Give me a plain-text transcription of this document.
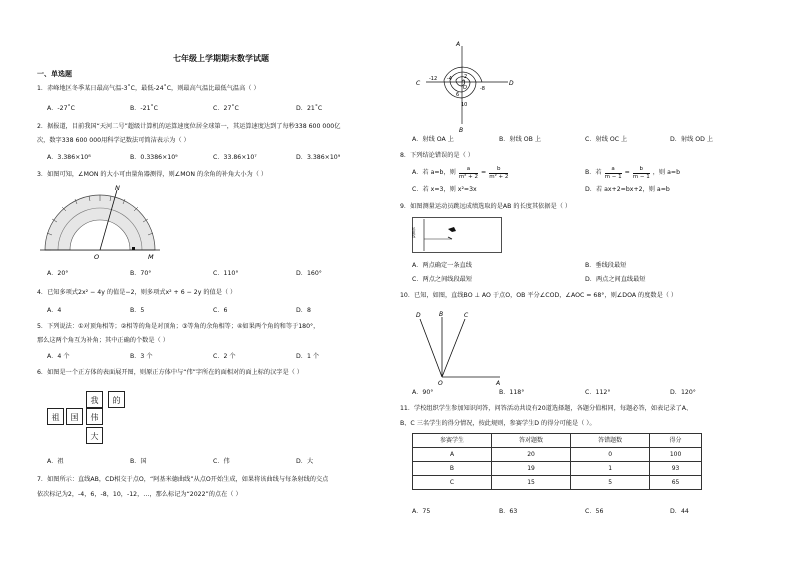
七年级上学期期末数学试题
一、单选题
1．赤峰地区冬季某日最高气温-3˚C，最低-24˚C，则最高气温比最低气温高（ ）
A．-27˚C	B．-21˚C	C．27˚C	D．21˚C
2．据报道，目前我国“天河二号”超级计算机的运算速度位居全球第一，其运算速度达到了每秒338 600 000亿
次，数字338 600 000用科学记数法可简洁表示为（ ）
A．3.386×10⁸	B．0.3386×10⁹	C．33.86×10⁷	D．3.386×10⁹
3．如图可知，∠MON 的大小可由量角器测得，则∠MON 的余角的补角大小为（ ）
N
O	M
A．20°	B．70°	C．110°	D．160°
4．已知多项式2x² − 4y 的值是−2，则多项式x² + 6 − 2y 的值是（ ）
A．4	B．5	C．6	D．8
5．下列说法：①对顶角相等；②相等的角是对顶角；③等角的余角相等；④如果两个角的和等于180°，
那么这两个角互为补角；其中正确的个数是（ ）
A．4 个	B．3 个	C．2 个	D．1 个
6．如图是一个正方体的表面展开图，则原正方体中与“伟”字所在的面相对的面上标的汉字是（ ）
我	的
祖	国	伟
大
A．祖	B．国	C．伟	D．大
7．如图所示：直线AB，CD相交于点O，“阿基米德曲线”从点O开始生成，如果将该曲线与每条射线的交点
依次标记为2，-4，6，-8，10，-12，…，那么标记为“2022”的点在（ ）
A
B
C	D
O
-12 -4 2
-8
6
10
A．射线 OA 上	B．射线 OB 上	C．射线 OC 上	D．射线 OD 上
8．下列结论错误的是（ ）
A．若 a=b，则 $\frac{a}{\text{m² + 2}} = \frac{b}{\text{m² + 2}}$	B．若 $\frac{a}{m - 1} = \frac{b}{m - 1}$ ，则 a=b
C．若 x=3，则 x²=3x	D．若 ax+2=bx+2，则 a=b
9．如图测量运动员跳远成绩选取的是AB 的长度其依据是（ ）
起跳线
A．两点确定一条直线	B．垂线段最短
C．两点之间线段最短	D．两点之间直线最短
10．已知，如图，直线BO ⊥ AO 于点O，OB 平分∠COD，∠AOC = 68°，则∠DOA 的度数是（ ）
D	B	C
O	A
A．90°	B．118°	C．112°	D．120°
11．学校组织学生参加知识问答，问答活动共设有20道选择题，各题分值相同，每题必答，如表记录了A、
B、C 三名学生的得分情况，按此规则，参赛学生D 的得分可能是（ ）。
参赛学生	答对题数	答错题数	得分
A	20	0	100
B	19	1	93
C	15	5	65
A．75	B．63	C．56	D．44
